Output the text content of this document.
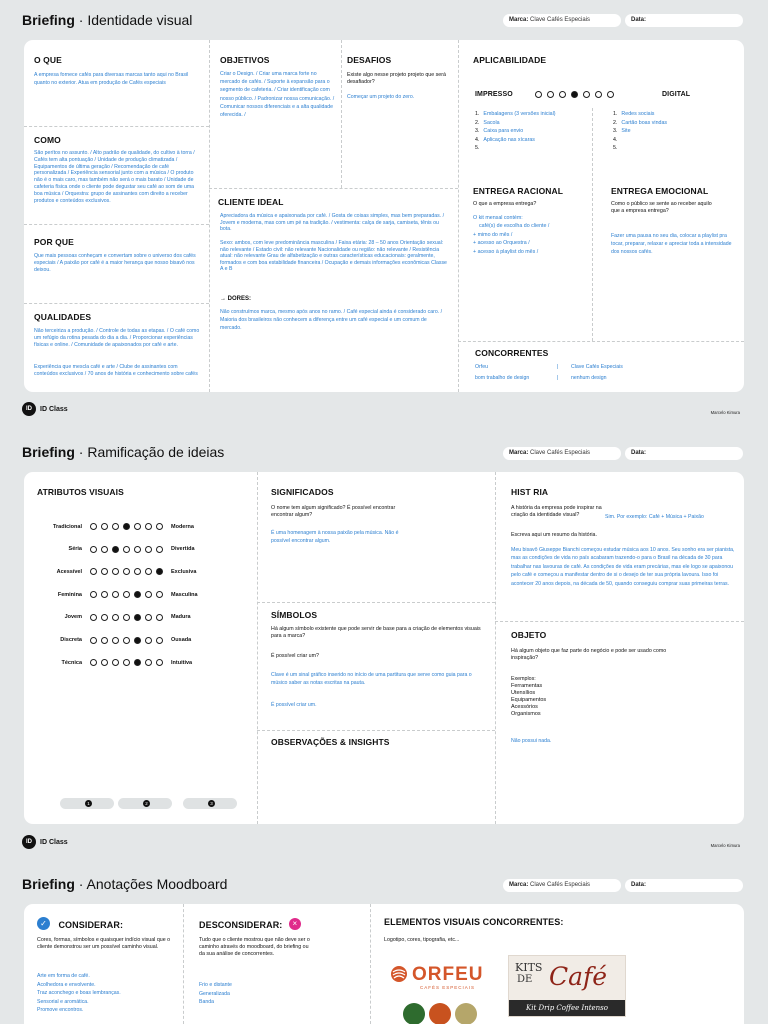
Briefing · Identidade visual	Marca: Clave Cafés Especiais	Data:
O QUE
A empresa fornece cafés para diversas marcas tanto aqui no Brasil quanto no exterior. Atua em produção de Cafés especiais
COMO
São perítos no assunto. / Alto padrão de qualidade, do cultivo à torra / Cafés tem alta pontuação / Unidade de produção climatizada / Equipamentos de última geração / Recomendação de café personalizada / Experiência sensorial junto com a música / O produto não é o mais caro, mas também não será o mais barato / Unidade de cafeteria física onde o cliente pode degustar seu café ao som de uma boa música / Orquestra: grupo de assinantes com direito a receber produtos e conteúdos exclusivos.
POR QUE
Que mais pessoas conheçam e convertam sobre o universo dos cafés especiais / A paixão por café é a maior herança que nosso bisavô nos deixou.
QUALIDADES
Não terceiriza a produção. / Controle de todas as etapas. / O café como um refúgio da rotina pesada do dia a dia. / Proporcionar experiências físicas e online. / Comunidade de apaixonados por café e arte.
Experiência que mescla café e arte / Clube de assinantes com conteúdos exclusivos / 70 anos de história e conhecimento sobre cafés
OBJETIVOS
Criar o Design. / Criar uma marca forte no mercado de cafés. / Suporte à expansão para o segmento de cafeteria. / Criar identificação com nosso público. / Padronizar nossa comunicação. / Comunicar nossos diferenciais e a alta qualidade oferecida. /
DESAFIOS
Existe algo nesse projeto projeto que será desafiador?
Começar um projeto do zero.
CLIENTE IDEAL
Apreciadora da música e apaixonada por café. / Gosta de coisas simples, mas bem preparadas. / Jovem e moderna, mas com um pé na tradição. / vestimenta: calça de sarja, camiseta, tênis ou bota.
Sexo: ambos, com leve predominância masculina / Faixa etária: 28 – 50 anos Orientação sexual: não relevante / Estado civil: não relevante Nacionalidade ou região: não relevante / Resistência atual: não relevante Grau de alfabetização e outras características educacionais: geralmente, formados e com boa estabilidade financeira / Ocupação e demais informações econômicas Classe A e B
→ DORES:
Não construímos marca, mesmo após anos no ramo. / Café especial ainda é considerado caro. / Maioria dos brasileiros não conhecem a diferença entre um café especial e um comum de mercado.
APLICABILIDADE
IMPRESSO	DIGITAL
1. Embalagens (3 versões inicial)
2. Sacola
3. Caixa para envio
4. Aplicação nas xícaras
5.
1. Redes sociais
2. Cartão boas vindas
3. Site
4.
5.
ENTREGA RACIONAL
O que a empresa entrega?
O kit mensal contém:
café(s) de escolha do cliente /
+ mimo do mês /
+ acesso ao Orquestra /
+ acesso à playlist do mês /
ENTREGA EMOCIONAL
Como o público se sente ao receber aquilo que a empresa entrega?
Fazer uma pausa no seu dia, colocar a playlist pra tocar, preparar, relaxar e apreciar toda a intensidade dos nossos cafés.
CONCORRENTES
Orfeu	| Clave Cafés Especiais
bom trabalho de design	| nenhum design
ID	ID Class	Marcelo Kimura
Briefing · Ramificação de ideias	Marca: Clave Cafés Especiais	Data:
ATRIBUTOS VISUAIS
Tradicional	Moderna
Séria	Divertida
Acessível	Exclusiva
Feminina	Masculina
Jovem	Madura
Discreta	Ousada
Técnica	Intuitiva
1	2	3
SIGNIFICADOS
O nome tem algum significado? É possível encontrar encontrar algum?
É uma homenagem à nossa paixão pela música. Não é possível encontrar algum.
SÍMBOLOS
Há algum símbolo existente que pode servir de base para a criação de elementos visuais para a marca?
É possível criar um?
Clave é um sinal gráfico inserido no início de uma partitura que serve como guia para o músico saber as notas escritas na pauta.
É possível criar um.
OBSERVAÇÕES & INSIGHTS
HIST RIA
A história da empresa pode inspirar na criação da identidade visual?	Sim. Por exemplo: Café + Música + Paixão
Escreva aqui um resumo da história.
Meu bisavô Giuseppe Bianchi começou estudar música aos 10 anos. Seu sonho era ser pianista, mas as condições de vida no país acabaram trazendo-o para o Brasil na década de 30 para trabalhar nas lavouras de café. As condições de vida eram precárias, mas ele logo se apaixonou pelo café e começou a manifestar dentro de si o desejo de ter sua própria lavoura. Isso foi acontecer 20 anos depois, na década de 50, quando conseguiu comprar suas primeiras terras.
OBJETO
Há algum objeto que faz parte do negócio e pode ser usado como inspiração?
Exemplos:
Ferramentas
Utensílios
Equipamentos
Acessórios
Organismos
Não possui nada.
ID	ID Class	Marcelo Kimura
Briefing · Anotações Moodboard	Marca: Clave Cafés Especiais	Data:
✓ CONSIDERAR:
Cores, formas, símbolos e quaisquer indício visual que o cliente demonstrou ser um possível caminho visual.
Arte em forma de café.
Acolhedora e envolvente.
Traz aconchego e boas lembranças.
Sensorial e aromática.
Promove encontros.
DESCONSIDERAR: ×
Tudo que o cliente mostrou que não deve ser o caminho através do moodboard, do briefing ou da sua análise de concorrentes.
Frio e distante
Generalizada
Banda
ELEMENTOS VISUAIS CONCORRENTES:
Logotipo, cores, tipografia, etc...
ORFEU
CAFÉS ESPECIAIS
KITS
DE Café
Kit Drip Coffee Intenso
